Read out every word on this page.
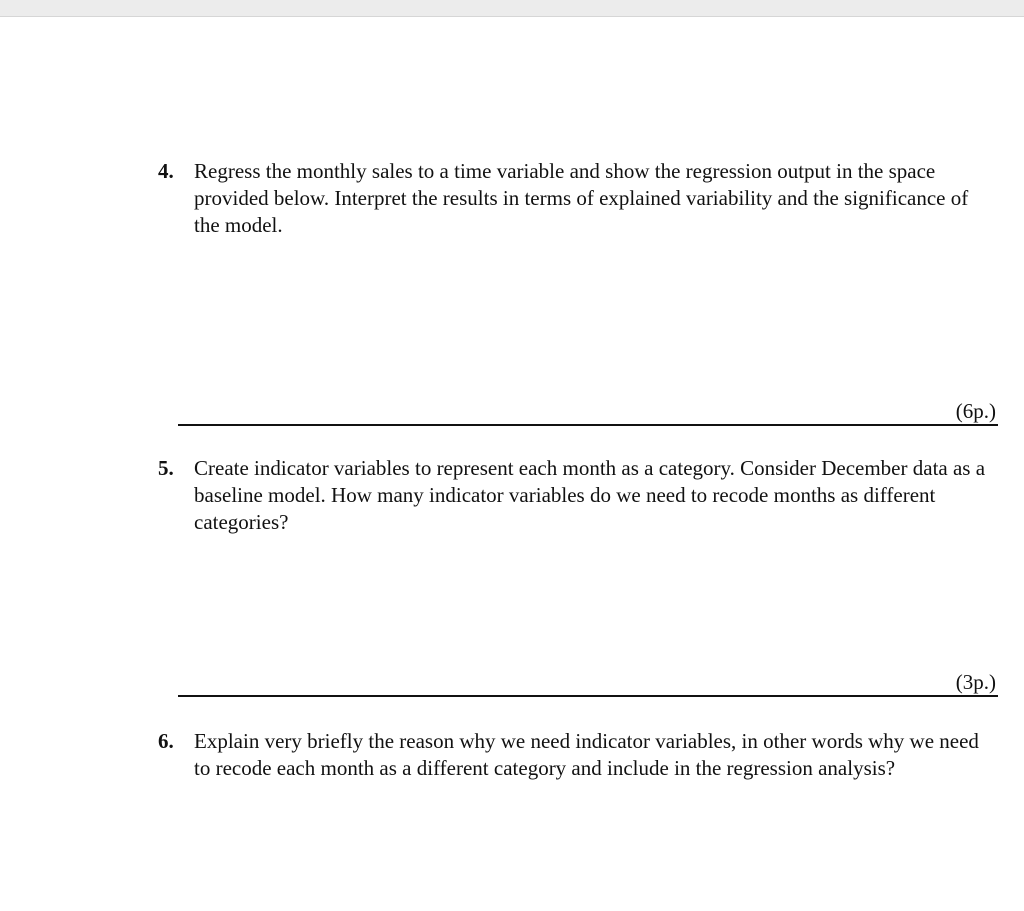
4. Regress the monthly sales to a time variable and show the regression output in the space provided below. Interpret the results in terms of explained variability and the significance of the model.
(6p.)
5. Create indicator variables to represent each month as a category. Consider December data as a baseline model. How many indicator variables do we need to recode months as different categories?
(3p.)
6. Explain very briefly the reason why we need indicator variables, in other words why we need to recode each month as a different category and include in the regression analysis?
